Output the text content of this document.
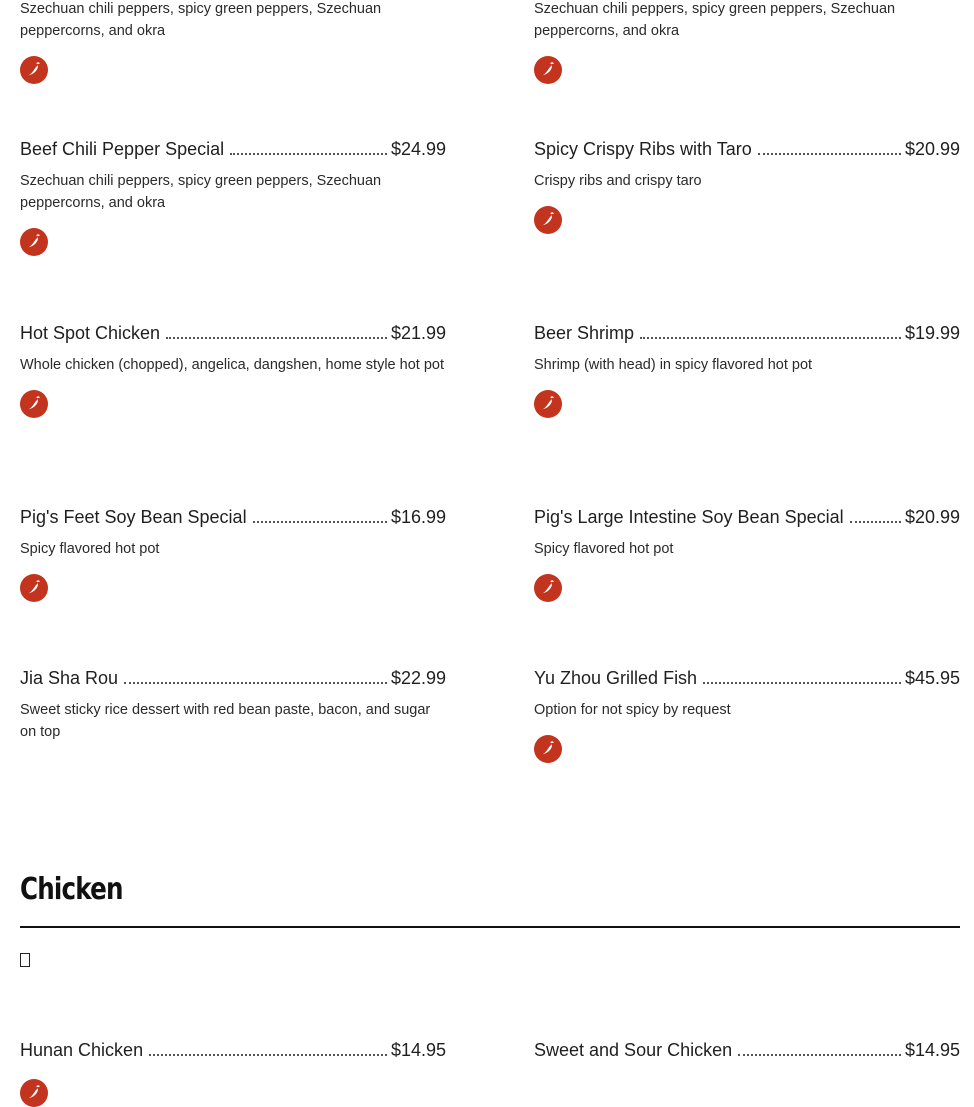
Szechuan chili peppers, spicy green peppers, Szechuan peppercorns, and okra
Szechuan chili peppers, spicy green peppers, Szechuan peppercorns, and okra
Beef Chili Pepper Special	$24.99
Szechuan chili peppers, spicy green peppers, Szechuan peppercorns, and okra
Spicy Crispy Ribs with Taro	$20.99
Crispy ribs and crispy taro
Hot Spot Chicken	$21.99
Whole chicken (chopped), angelica, dangshen, home style hot pot
Beer Shrimp	$19.99
Shrimp (with head) in spicy flavored hot pot
Pig's Feet Soy Bean Special	$16.99
Spicy flavored hot pot
Pig's Large Intestine Soy Bean Special	$20.99
Spicy flavored hot pot
Jia Sha Rou	$22.99
Sweet sticky rice dessert with red bean paste, bacon, and sugar on top
Yu Zhou Grilled Fish	$45.95
Option for not spicy by request
Chicken
Hunan Chicken	$14.95	Sweet and Sour Chicken	$14.95
